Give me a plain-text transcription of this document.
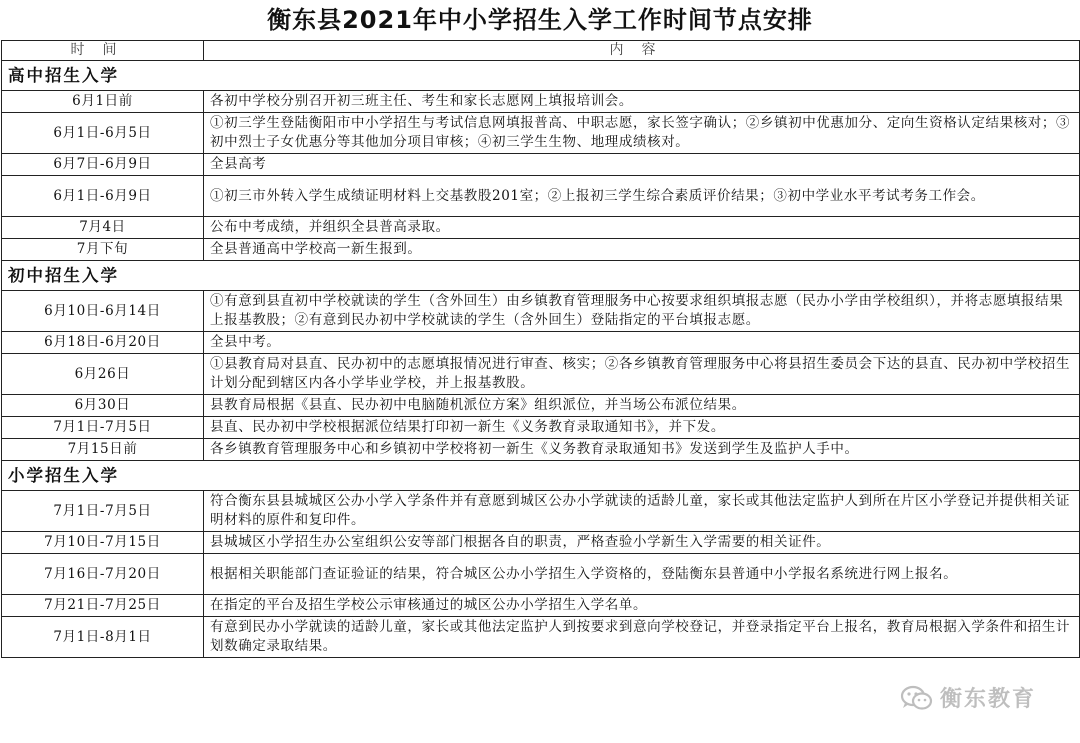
衡东县2021年中小学招生入学工作时间节点安排
时间	内容
高中招生入学	
6月1日前	各初中学校分别召开初三班主任、考生和家长志愿网上填报培训会。
6月1日-6月5日	①初三学生登陆衡阳市中小学招生与考试信息网填报普高、中职志愿，家长签字确认；②乡镇初中优惠加分、定向生资格认定结果核对；③初中烈士子女优惠分等其他加分项目审核；④初三学生生物、地理成绩核对。
6月7日-6月9日	全县高考
6月1日-6月9日	①初三市外转入学生成绩证明材料上交基教股201室；②上报初三学生综合素质评价结果；③初中学业水平考试考务工作会。
7月4日	公布中考成绩，并组织全县普高录取。
7月下旬	全县普通高中学校高一新生报到。
初中招生入学	
6月10日-6月14日	①有意到县直初中学校就读的学生（含外回生）由乡镇教育管理服务中心按要求组织填报志愿（民办小学由学校组织），并将志愿填报结果上报基教股；②有意到民办初中学校就读的学生（含外回生）登陆指定的平台填报志愿。
6月18日-6月20日	全县中考。
6月26日	①县教育局对县直、民办初中的志愿填报情况进行审查、核实；②各乡镇教育管理服务中心将县招生委员会下达的县直、民办初中学校招生计划分配到辖区内各小学毕业学校，并上报基教股。
6月30日	县教育局根据《县直、民办初中电脑随机派位方案》组织派位，并当场公布派位结果。
7月1日-7月5日	县直、民办初中学校根据派位结果打印初一新生《义务教育录取通知书》，并下发。
7月15日前	各乡镇教育管理服务中心和乡镇初中学校将初一新生《义务教育录取通知书》发送到学生及监护人手中。
小学招生入学	
7月1日-7月5日	符合衡东县县城城区公办小学入学条件并有意愿到城区公办小学就读的适龄儿童，家长或其他法定监护人到所在片区小学登记并提供相关证明材料的原件和复印件。
7月10日-7月15日	县城城区小学招生办公室组织公安等部门根据各自的职责，严格查验小学新生入学需要的相关证件。
7月16日-7月20日	根据相关职能部门查证验证的结果，符合城区公办小学招生入学资格的，登陆衡东县普通中小学报名系统进行网上报名。
7月21日-7月25日	在指定的平台及招生学校公示审核通过的城区公办小学招生入学名单。
7月1日-8月1日	有意到民办小学就读的适龄儿童，家长或其他法定监护人到按要求到意向学校登记，并登录指定平台上报名，教育局根据入学条件和招生计划数确定录取结果。
衡东教育
